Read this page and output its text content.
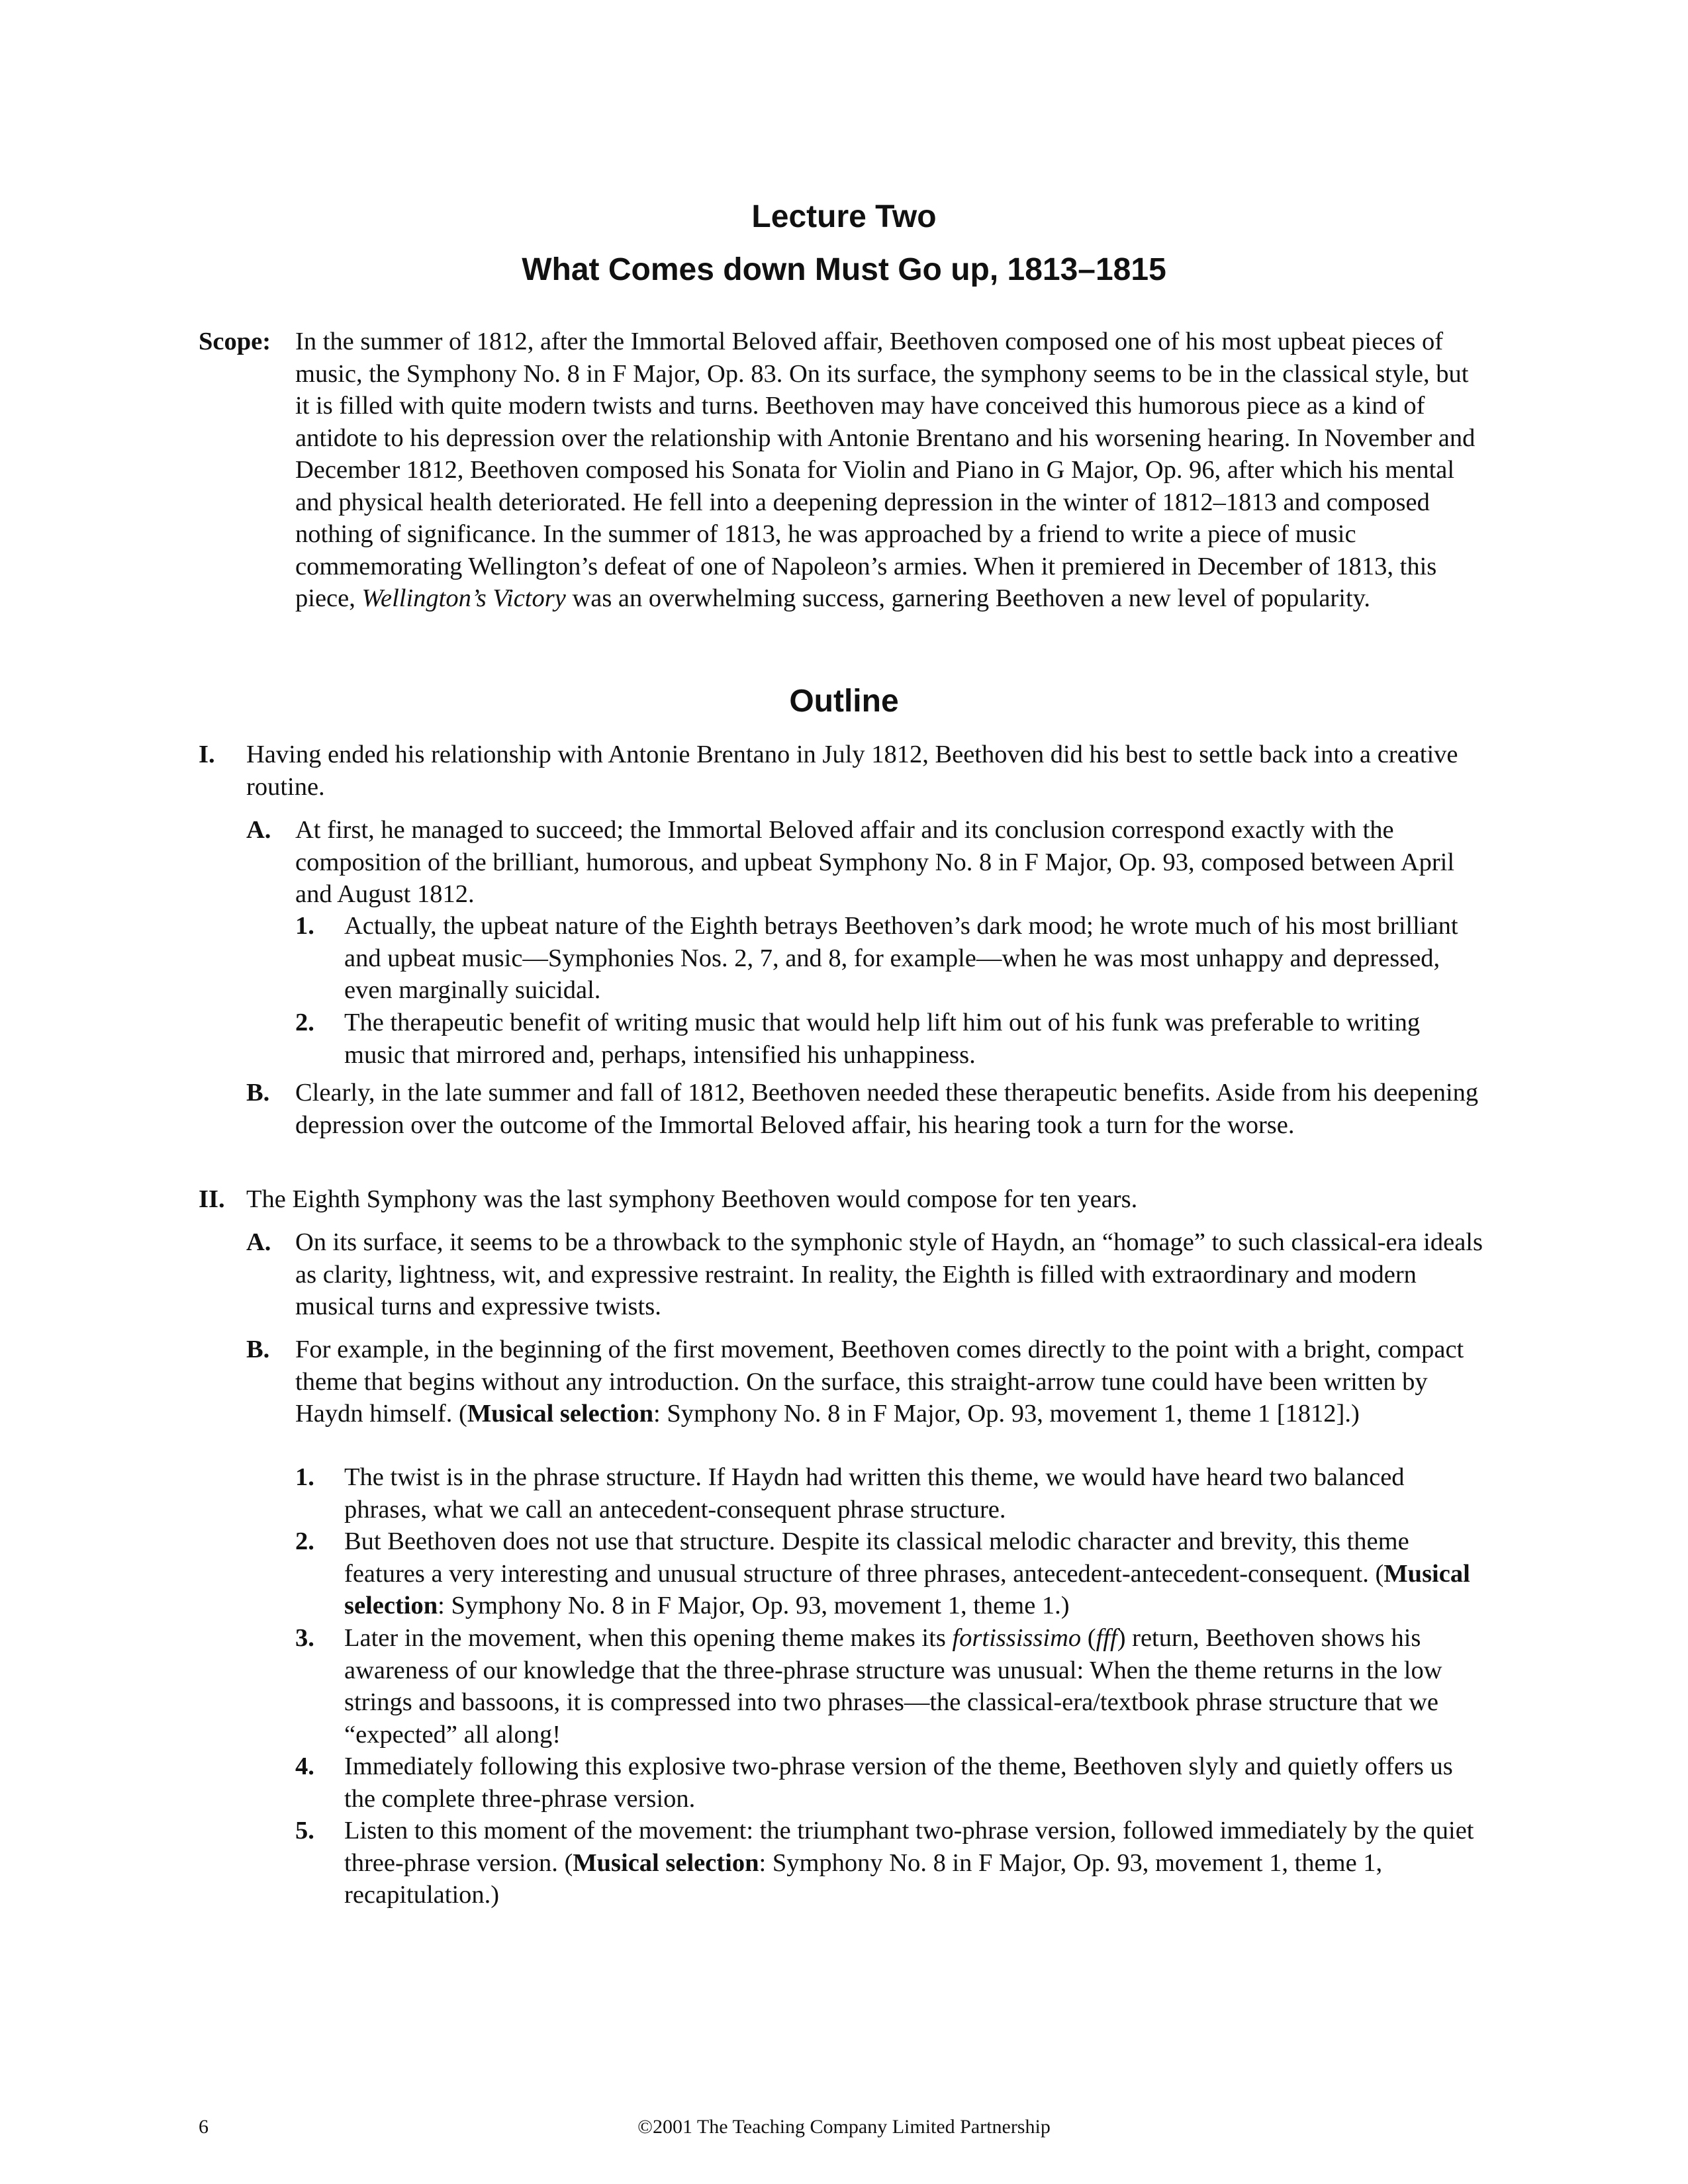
Lecture Two
What Comes down Must Go up, 1813–1815
Scope: In the summer of 1812, after the Immortal Beloved affair, Beethoven composed one of his most upbeat pieces of music, the Symphony No. 8 in F Major, Op. 83. On its surface, the symphony seems to be in the classical style, but it is filled with quite modern twists and turns. Beethoven may have conceived this humorous piece as a kind of antidote to his depression over the relationship with Antonie Brentano and his worsening hearing. In November and December 1812, Beethoven composed his Sonata for Violin and Piano in G Major, Op. 96, after which his mental and physical health deteriorated. He fell into a deepening depression in the winter of 1812–1813 and composed nothing of significance. In the summer of 1813, he was approached by a friend to write a piece of music commemorating Wellington’s defeat of one of Napoleon’s armies. When it premiered in December of 1813, this piece, Wellington’s Victory was an overwhelming success, garnering Beethoven a new level of popularity.
Outline
I. Having ended his relationship with Antonie Brentano in July 1812, Beethoven did his best to settle back into a creative routine.
A. At first, he managed to succeed; the Immortal Beloved affair and its conclusion correspond exactly with the composition of the brilliant, humorous, and upbeat Symphony No. 8 in F Major, Op. 93, composed between April and August 1812.
1. Actually, the upbeat nature of the Eighth betrays Beethoven’s dark mood; he wrote much of his most brilliant and upbeat music—Symphonies Nos. 2, 7, and 8, for example—when he was most unhappy and depressed, even marginally suicidal.
2. The therapeutic benefit of writing music that would help lift him out of his funk was preferable to writing music that mirrored and, perhaps, intensified his unhappiness.
B. Clearly, in the late summer and fall of 1812, Beethoven needed these therapeutic benefits. Aside from his deepening depression over the outcome of the Immortal Beloved affair, his hearing took a turn for the worse.
II. The Eighth Symphony was the last symphony Beethoven would compose for ten years.
A. On its surface, it seems to be a throwback to the symphonic style of Haydn, an “homage” to such classical-era ideals as clarity, lightness, wit, and expressive restraint. In reality, the Eighth is filled with extraordinary and modern musical turns and expressive twists.
B. For example, in the beginning of the first movement, Beethoven comes directly to the point with a bright, compact theme that begins without any introduction. On the surface, this straight-arrow tune could have been written by Haydn himself. (Musical selection: Symphony No. 8 in F Major, Op. 93, movement 1, theme 1 [1812].)
1. The twist is in the phrase structure. If Haydn had written this theme, we would have heard two balanced phrases, what we call an antecedent-consequent phrase structure.
2. But Beethoven does not use that structure. Despite its classical melodic character and brevity, this theme features a very interesting and unusual structure of three phrases, antecedent-antecedent-consequent. (Musical selection: Symphony No. 8 in F Major, Op. 93, movement 1, theme 1.)
3. Later in the movement, when this opening theme makes its fortississimo (fff) return, Beethoven shows his awareness of our knowledge that the three-phrase structure was unusual: When the theme returns in the low strings and bassoons, it is compressed into two phrases—the classical-era/textbook phrase structure that we “expected” all along!
4. Immediately following this explosive two-phrase version of the theme, Beethoven slyly and quietly offers us the complete three-phrase version.
5. Listen to this moment of the movement: the triumphant two-phrase version, followed immediately by the quiet three-phrase version. (Musical selection: Symphony No. 8 in F Major, Op. 93, movement 1, theme 1, recapitulation.)
6	©2001 The Teaching Company Limited Partnership
